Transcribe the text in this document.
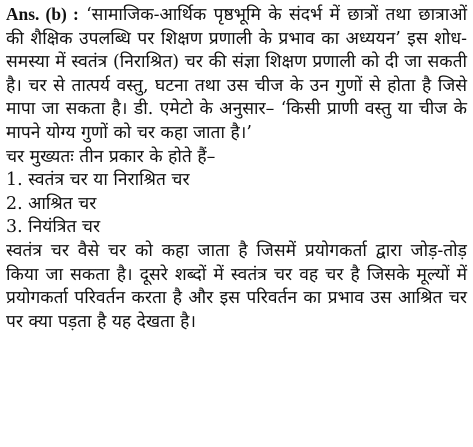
Ans. (b) : ‘सामाजिक-आर्थिक पृष्ठभूमि के संदर्भ में छात्रों तथा छात्राओं की शैक्षिक उपलब्धि पर शिक्षण प्रणाली के प्रभाव का अध्ययन’ इस शोध-समस्या में स्वतंत्र (निराश्रित) चर की संज्ञा शिक्षण प्रणाली को दी जा सकती है। चर से तात्पर्य वस्तु, घटना तथा उस चीज के उन गुणों से होता है जिसे मापा जा सकता है। डी. एमेटो के अनुसार– ‘किसी प्राणी वस्तु या चीज के मापने योग्य गुणों को चर कहा जाता है।’

चर मुख्यतः तीन प्रकार के होते हैं–

1. स्वतंत्र चर या निराश्रित चर

2. आश्रित चर

3. नियंत्रित चर

स्वतंत्र चर वैसे चर को कहा जाता है जिसमें प्रयोगकर्ता द्वारा जोड़-तोड़ किया जा सकता है। दूसरे शब्दों में स्वतंत्र चर वह चर है जिसके मूल्यों में प्रयोगकर्ता परिवर्तन करता है और इस परिवर्तन का प्रभाव उस आश्रित चर पर क्या पड़ता है यह देखता है।
